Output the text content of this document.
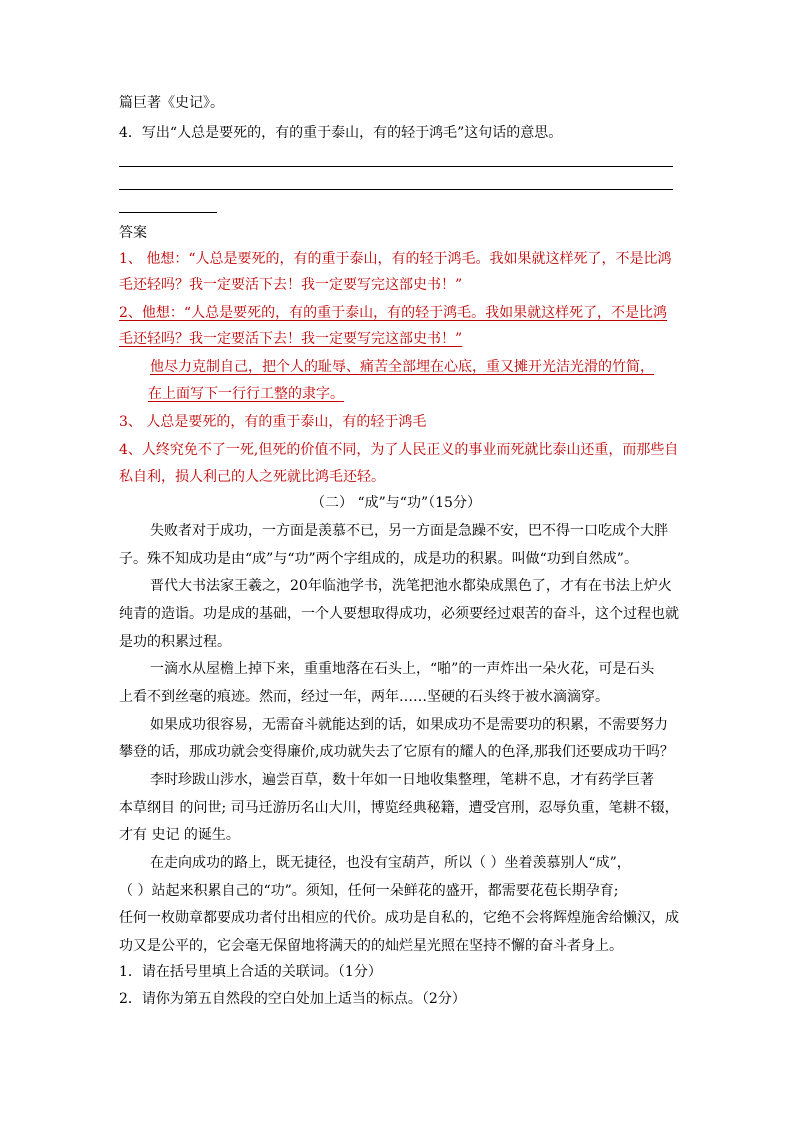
篇巨著《史记》。
4．写出“人总是要死的，有的重于泰山，有的轻于鸿毛”这句话的意思。
答案
1、 他想：“人总是要死的，有的重于泰山，有的轻于鸿毛。我如果就这样死了，不是比鸿
毛还轻吗？我一定要活下去！我一定要写完这部史书！”
2、他想：“人总是要死的，有的重于泰山，有的轻于鸿毛。我如果就这样死了，不是比鸿
毛还轻吗？我一定要活下去！我一定要写完这部史书！”
他尽力克制自己，把个人的耻辱、痛苦全部埋在心底，重又摊开光洁光滑的竹简，
在上面写下一行行工整的隶字。
3、 人总是要死的，有的重于泰山，有的轻于鸿毛
4、人终究免不了一死,但死的价值不同，为了人民正义的事业而死就比泰山还重，而那些自
私自利，损人利己的人之死就比鸿毛还轻。
（二） “成”与“功”（15分）
失败者对于成功，一方面是羡慕不已，另一方面是急躁不安，巴不得一口吃成个大胖
子。殊不知成功是由“成”与“功”两个字组成的，成是功的积累。叫做“功到自然成”。
晋代大书法家王羲之，20年临池学书，洗笔把池水都染成黑色了，才有在书法上炉火
纯青的造诣。功是成的基础，一个人要想取得成功，必须要经过艰苦的奋斗，这个过程也就
是功的积累过程。
一滴水从屋檐上掉下来，重重地落在石头上，“啪”的一声炸出一朵火花，可是石头
上看不到丝毫的痕迹。然而，经过一年，两年……坚硬的石头终于被水滴滴穿。
如果成功很容易，无需奋斗就能达到的话，如果成功不是需要功的积累，不需要努力
攀登的话，那成功就会变得廉价,成功就失去了它原有的耀人的色泽,那我们还要成功干吗？
李时珍跋山涉水，遍尝百草，数十年如一日地收集整理，笔耕不息，才有药学巨著
本草纲目 的问世; 司马迁游历名山大川，博览经典秘籍，遭受宫刑，忍辱负重，笔耕不辍，
才有 史记 的诞生。
在走向成功的路上，既无捷径，也没有宝葫芦，所以（ ）坐着羡慕别人“成”，
（ ）站起来积累自己的“功”。须知，任何一朵鲜花的盛开，都需要花苞长期孕育;
任何一枚勋章都要成功者付出相应的代价。成功是自私的，它绝不会将辉煌施舍给懒汉，成
功又是公平的，它会毫无保留地将满天的的灿烂星光照在坚持不懈的奋斗者身上。
1．请在括号里填上合适的关联词。（1分）
2．请你为第五自然段的空白处加上适当的标点。（2分）
